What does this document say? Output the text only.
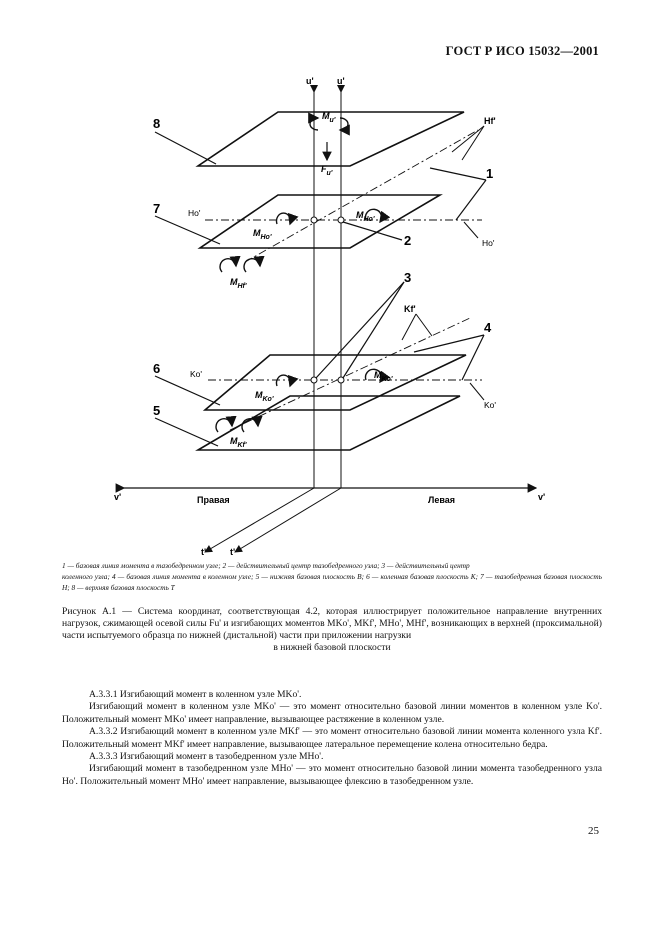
ГОСТ Р ИСО 15032—2001
u'	u'
v'	v'
t'	t'
Правая	Левая
8
7
6
5
1
2
3
4
$M_{u'}$
$F_{u'}$
Hf'
Ho'
Ho'
$M_{Ho'}$
$M_{Ho'}$
$M_{Hf'}$
Kf'
Ko'
Ko'
$M_{Ko'}$
$M_{Ko'}$
$M_{Kf'}$
1 — базовая линия момента в тазобедренном узле; 2 — действительный центр тазобедренного узла; 3 — действительный центр
коленного узла; 4 — базовая линия момента в коленном узле; 5 — нижняя базовая плоскость B; 6 — коленная базовая плоскость K; 7 — тазобедренная базовая плоскость H; 8 — верхняя базовая плоскость T
Рисунок А.1 — Система координат, соответствующая 4.2, которая иллюстрирует положительное направление внутренних нагрузок, сжимающей осевой силы Fu' и изгибающих моментов MKo', MKf', MHo', MHf', возникающих в верхней (проксимальной) части испытуемого образца по нижней (дистальной) части при приложении нагрузки
в нижней базовой плоскости

А.3.3.1 Изгибающий момент в коленном узле MKo'.

Изгибающий момент в коленном узле MKo' — это момент относительно базовой линии моментов в коленном узле Ko'. Положительный момент MKo' имеет направление, вызывающее растяжение в коленном узле.

А.3.3.2 Изгибающий момент в коленном узле MKf' — это момент относительно базовой линии момента коленного узла Kf'. Положительный момент MKf' имеет направление, вызывающее латеральное перемещение колена относительно бедра.

А.3.3.3 Изгибающий момент в тазобедренном узле MHo'.

Изгибающий момент в тазобедренном узле MHo' — это момент относительно базовой линии момента тазобедренного узла Ho'. Положительный момент MHo' имеет направление, вызывающее флексию в тазобедренном узле.

25
